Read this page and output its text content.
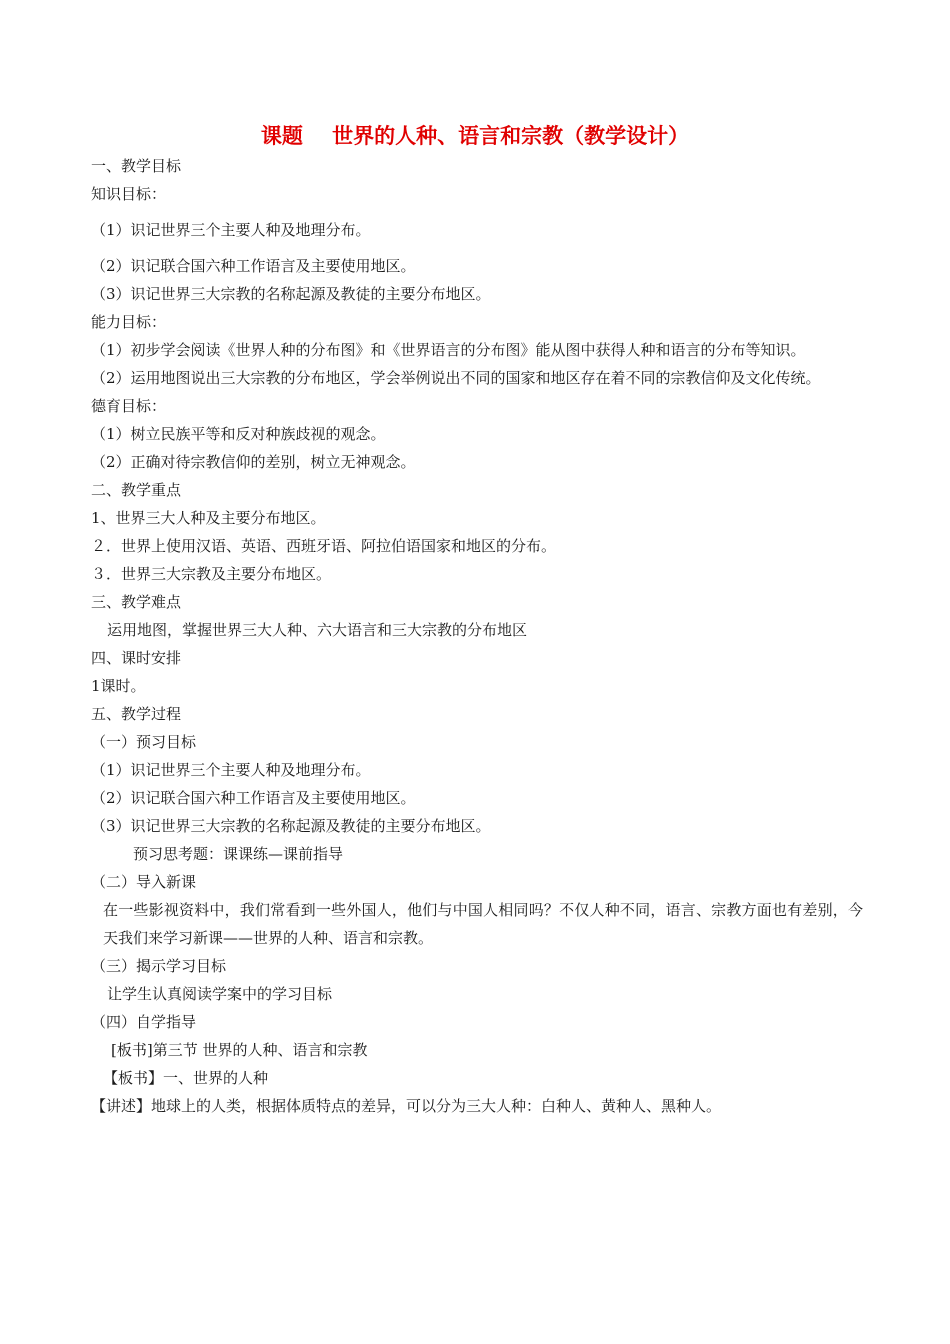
课题    世界的人种、语言和宗教（教学设计）
一、教学目标
知识目标：
（1）识记世界三个主要人种及地理分布。
（2）识记联合国六种工作语言及主要使用地区。
（3）识记世界三大宗教的名称起源及教徒的主要分布地区。
能力目标：
（1）初步学会阅读《世界人种的分布图》和《世界语言的分布图》能从图中获得人种和语言的分布等知识。
（2）运用地图说出三大宗教的分布地区，学会举例说出不同的国家和地区存在着不同的宗教信仰及文化传统。
德育目标：
（1）树立民族平等和反对种族歧视的观念。
（2）正确对待宗教信仰的差别，树立无神观念。
二、教学重点
1、世界三大人种及主要分布地区。
２．世界上使用汉语、英语、西班牙语、阿拉伯语国家和地区的分布。
３．世界三大宗教及主要分布地区。
三、教学难点
运用地图，掌握世界三大人种、六大语言和三大宗教的分布地区
四、课时安排
1课时。
五、教学过程
（一）预习目标
（1）识记世界三个主要人种及地理分布。
（2）识记联合国六种工作语言及主要使用地区。
（3）识记世界三大宗教的名称起源及教徒的主要分布地区。
预习思考题：课课练—课前指导
（二）导入新课
在一些影视资料中，我们常看到一些外国人，他们与中国人相同吗？不仅人种不同，语言、宗教方面也有差别，今天我们来学习新课——世界的人种、语言和宗教。
（三）揭示学习目标
让学生认真阅读学案中的学习目标
（四）自学指导
[板书]第三节 世界的人种、语言和宗教
【板书】一、世界的人种
【讲述】地球上的人类，根据体质特点的差异，可以分为三大人种：白种人、黄种人、黑种人。
